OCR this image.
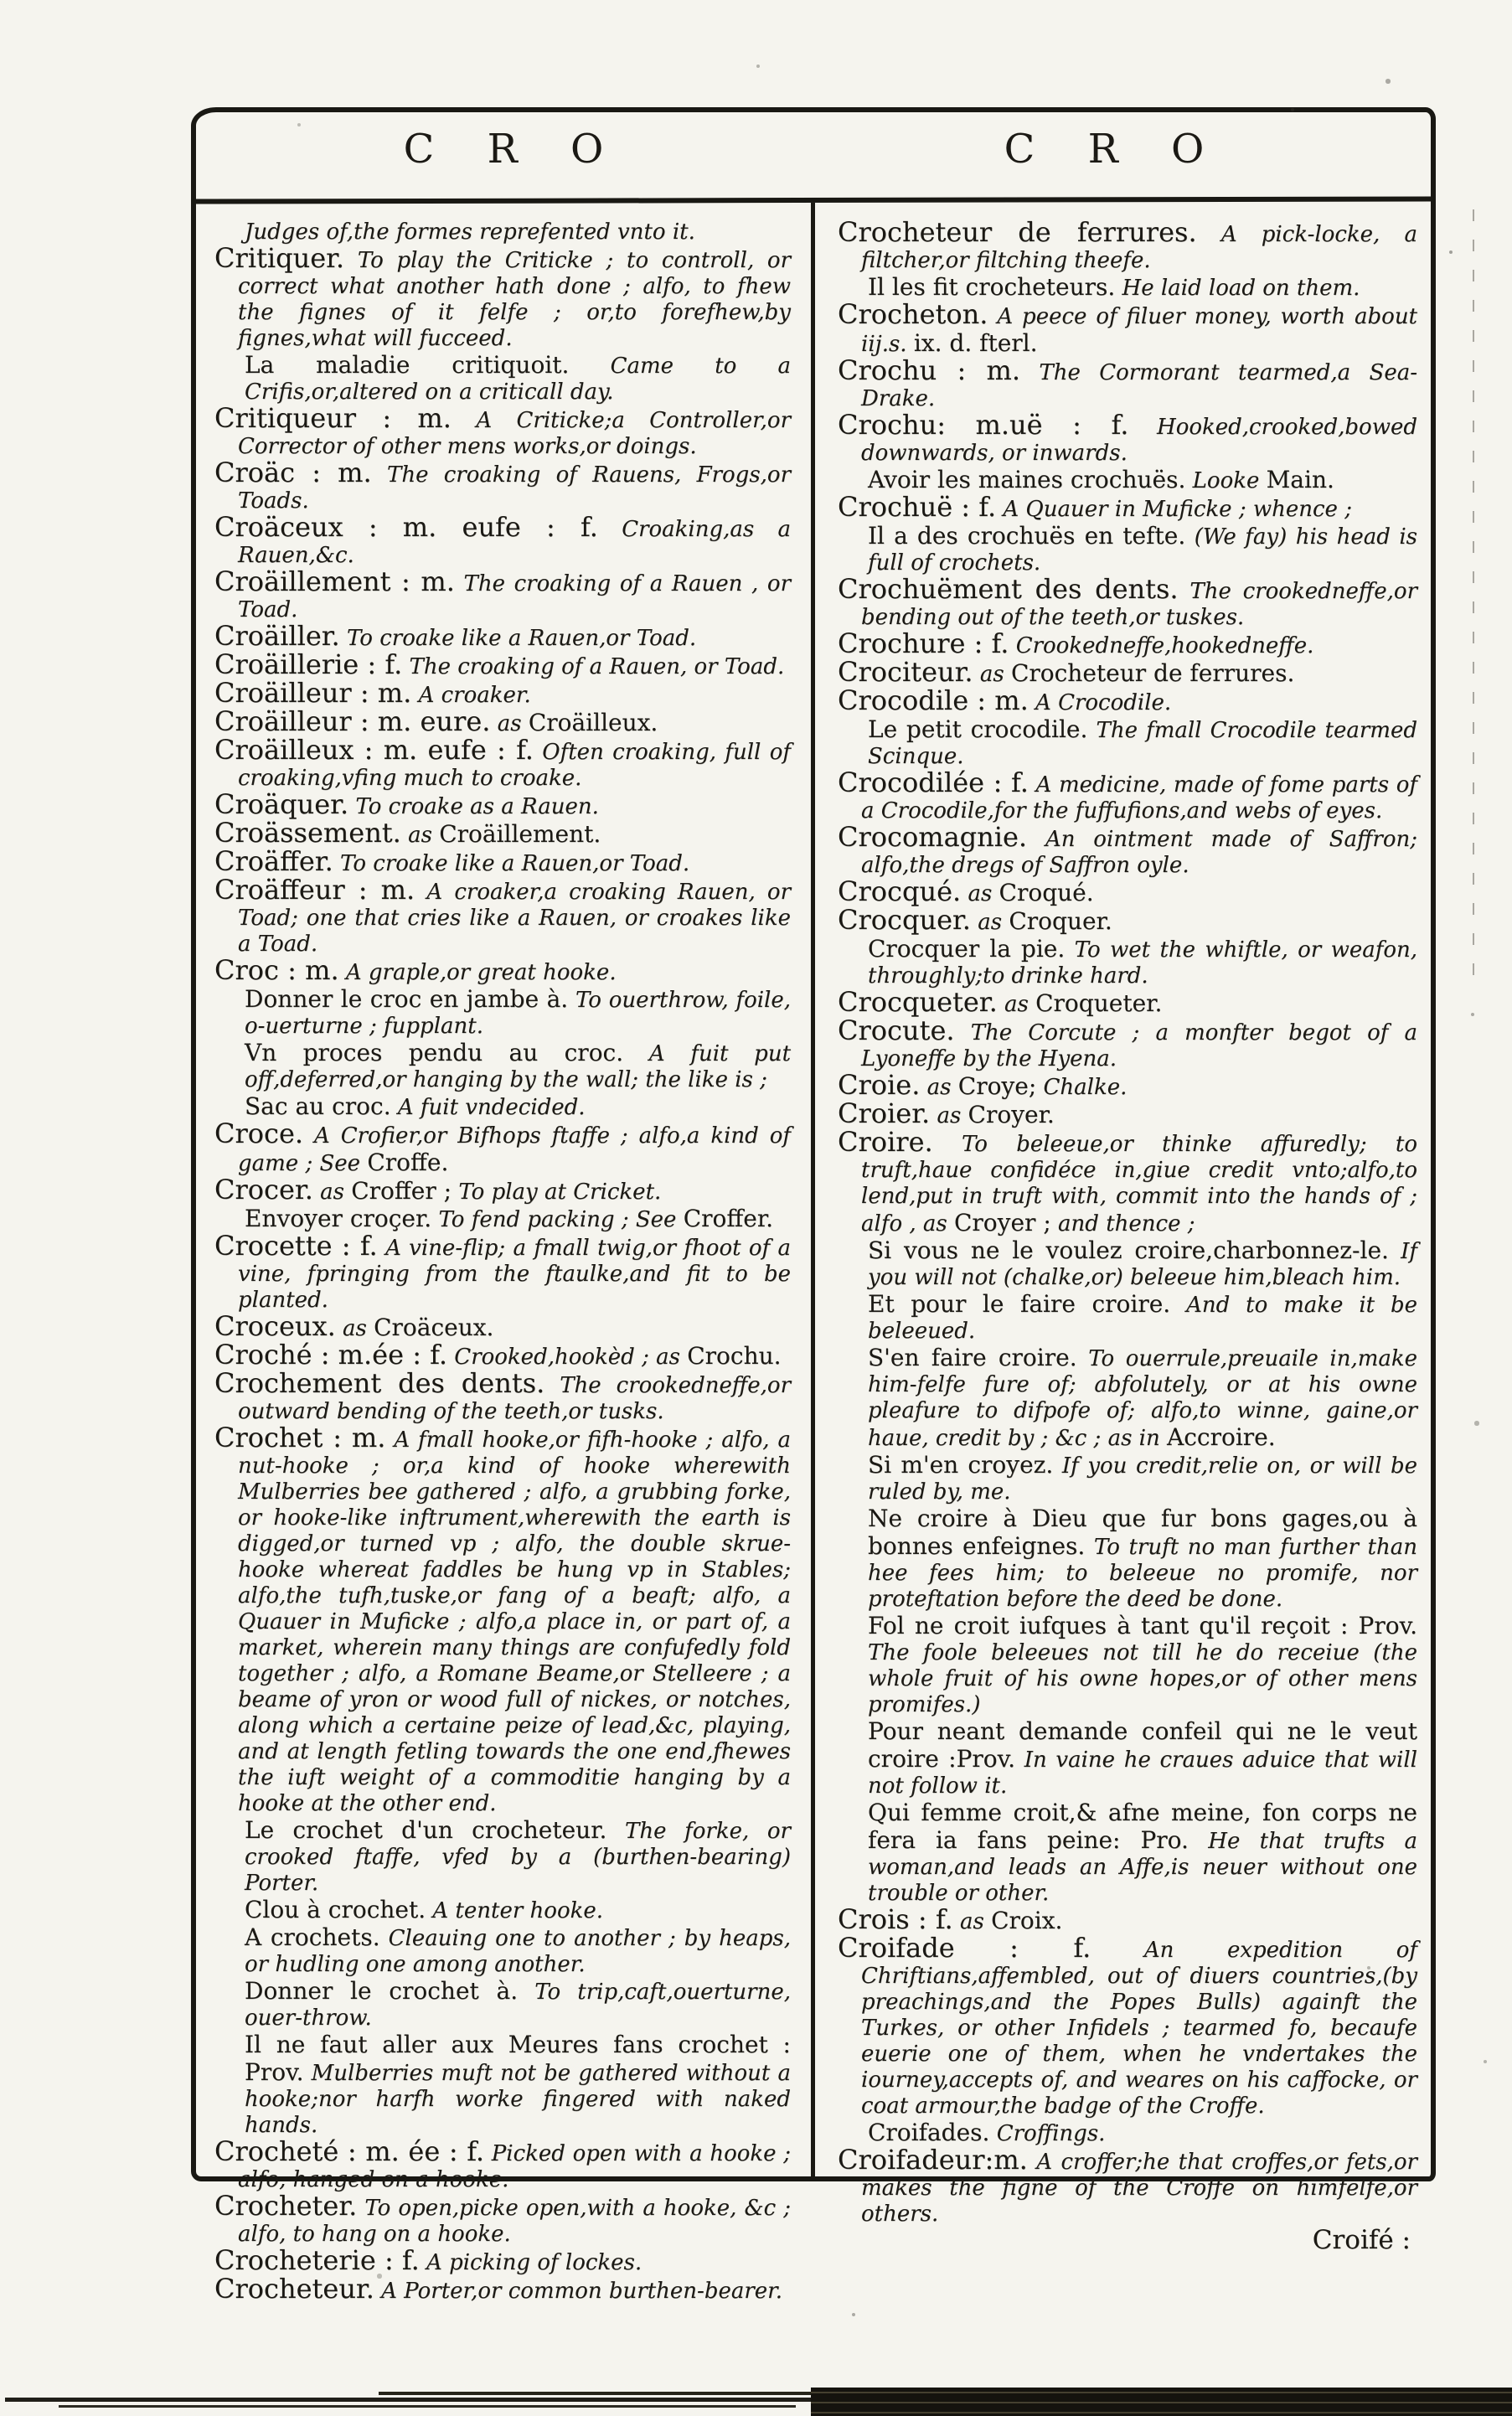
C R O	C R O

Judges of,the formes reprefented vnto it.

Critiquer. To play the Criticke ; to controll, or correct what another hath done ; alfo, to fhew the fignes of it felfe ; or,to forefhew,by fignes,what will fucceed.

La maladie critiquoit. Came to a Crifis,or,altered on a criticall day.

Critiqueur : m. A Criticke;a Controller,or Corrector of other mens works,or doings.

Croäc : m. The croaking of Rauens, Frogs,or Toads.

Croäceux : m. eufe : f. Croaking,as a Rauen,&c.

Croäillement : m. The croaking of a Rauen , or Toad.

Croäiller. To croake like a Rauen,or Toad.

Croäillerie : f. The croaking of a Rauen, or Toad.

Croäilleur : m. A croaker.

Croäilleur : m. eure. as Croäilleux.

Croäilleux : m. eufe : f. Often croaking, full of croaking,vfing much to croake.

Croäquer. To croake as a Rauen.

Croässement. as Croäillement.

Croäffer. To croake like a Rauen,or Toad.

Croäffeur : m. A croaker,a croaking Rauen, or Toad; one that cries like a Rauen, or croakes like a Toad.

Croc : m. A graple,or great hooke.

Donner le croc en jambe à. To ouerthrow, foile, o-uerturne ; fupplant.

Vn proces pendu au croc. A fuit put off,deferred,or hanging by the wall; the like is ;

Sac au croc. A fuit vndecided.

Croce. A Crofier,or Bifhops ftaffe ; alfo,a kind of game ; See Croffe.

Crocer. as Croffer ; To play at Cricket.

Envoyer croçer. To fend packing ; See Croffer.

Crocette : f. A vine-flip; a fmall twig,or fhoot of a vine, fpringing from the ftaulke,and fit to be planted.

Croceux. as Croäceux.

Croché : m.ée : f. Crooked,hookèd ; as Crochu.

Crochement des dents. The crookedneffe,or outward bending of the teeth,or tusks.

Crochet : m. A fmall hooke,or fifh-hooke ; alfo, a nut-hooke ; or,a kind of hooke wherewith Mulberries bee gathered ; alfo, a grubbing forke, or hooke-like inftrument,wherewith the earth is digged,or turned vp ; alfo, the double skrue-hooke whereat faddles be hung vp in Stables; alfo,the tufh,tuske,or fang of a beaft; alfo, a Quauer in Muficke ; alfo,a place in, or part of, a market, wherein many things are confufedly fold together ; alfo, a Romane Beame,or Stelleere ; a beame of yron or wood full of nickes, or notches, along which a certaine peize of lead,&c, playing, and at length fetling towards the one end,fhewes the iuft weight of a commoditie hanging by a hooke at the other end.

Le crochet d'un crocheteur. The forke, or crooked ftaffe, vfed by a (burthen-bearing) Porter.

Clou à crochet. A tenter hooke.

A crochets. Cleauing one to another ; by heaps, or hudling one among another.

Donner le crochet à. To trip,caft,ouerturne, ouer-throw.

Il ne faut aller aux Meures fans crochet : Prov. Mulberries muft not be gathered without a hooke;nor harfh worke fingered with naked hands.

Crocheté : m. ée : f. Picked open with a hooke ; alfo, hanged on a hooke.

Crocheter. To open,picke open,with a hooke, &c ; alfo, to hang on a hooke.

Crocheterie : f. A picking of lockes.

Crocheteur. A Porter,or common burthen-bearer.

Crocheteur de ferrures. A pick-locke, a filtcher,or filtching theefe.

Il les fit crocheteurs. He laid load on them.

Crocheton. A peece of filuer money, worth about iij.s. ix. d. fterl.

Crochu : m. The Cormorant tearmed,a Sea-Drake.

Crochu: m.uë : f. Hooked,crooked,bowed downwards, or inwards.

Avoir les maines crochuës. Looke Main.

Crochuë : f. A Quauer in Muficke ; whence ;

Il a des crochuës en tefte. (We fay) his head is full of crochets.

Crochuëment des dents. The crookedneffe,or bending out of the teeth,or tuskes.

Crochure : f. Crookedneffe,hookedneffe.

Crociteur. as Crocheteur de ferrures.

Crocodile : m. A Crocodile.

Le petit crocodile. The fmall Crocodile tearmed Scinque.

Crocodilée : f. A medicine, made of fome parts of a Crocodile,for the fuffufions,and webs of eyes.

Crocomagnie. An ointment made of Saffron; alfo,the dregs of Saffron oyle.

Crocqué. as Croqué.

Crocquer. as Croquer.

Crocquer la pie. To wet the whiftle, or weafon, throughly;to drinke hard.

Crocqueter. as Croqueter.

Crocute. The Corcute ; a monfter begot of a Lyoneffe by the Hyena.

Croie. as Croye; Chalke.

Croier. as Croyer.

Croire. To beleeue,or thinke affuredly; to truft,haue confidéce in,giue credit vnto;alfo,to lend,put in truft with, commit into the hands of ; alfo , as Croyer ; and thence ;

Si vous ne le voulez croire,charbonnez-le. If you will not (chalke,or) beleeue him,bleach him.

Et pour le faire croire. And to make it be beleeued.

S'en faire croire. To ouerrule,preuaile in,make him-felfe fure of; abfolutely, or at his owne pleafure to difpofe of; alfo,to winne, gaine,or haue, credit by ; &c ; as in Accroire.

Si m'en croyez. If you credit,relie on, or will be ruled by, me.

Ne croire à Dieu que fur bons gages,ou à bonnes enfeignes. To truft no man further than hee fees him; to beleeue no promife, nor proteftation before the deed be done.

Fol ne croit iufques à tant qu'il reçoit : Prov. The foole beleeues not till he do receiue (the whole fruit of his owne hopes,or of other mens promifes.)

Pour neant demande confeil qui ne le veut croire :Prov. In vaine he craues aduice that will not follow it.

Qui femme croit,& afne meine, fon corps ne fera ia fans peine: Pro. He that trufts a woman,and leads an Affe,is neuer without one trouble or other.

Crois : f. as Croix.

Croifade : f. An expedition of Chriftians,affembled, out of diuers countries,(by preachings,and the Popes Bulls) againft the Turkes, or other Infidels ; tearmed fo, becaufe euerie one of them, when he vndertakes the iourney,accepts of, and weares on his caffocke, or coat armour,the badge of the Croffe.

Croifades. Croffings.

Croifadeur:m. A croffer;he that croffes,or fets,or makes the figne of the Croffe on himfelfe,or others.

Croifé :
